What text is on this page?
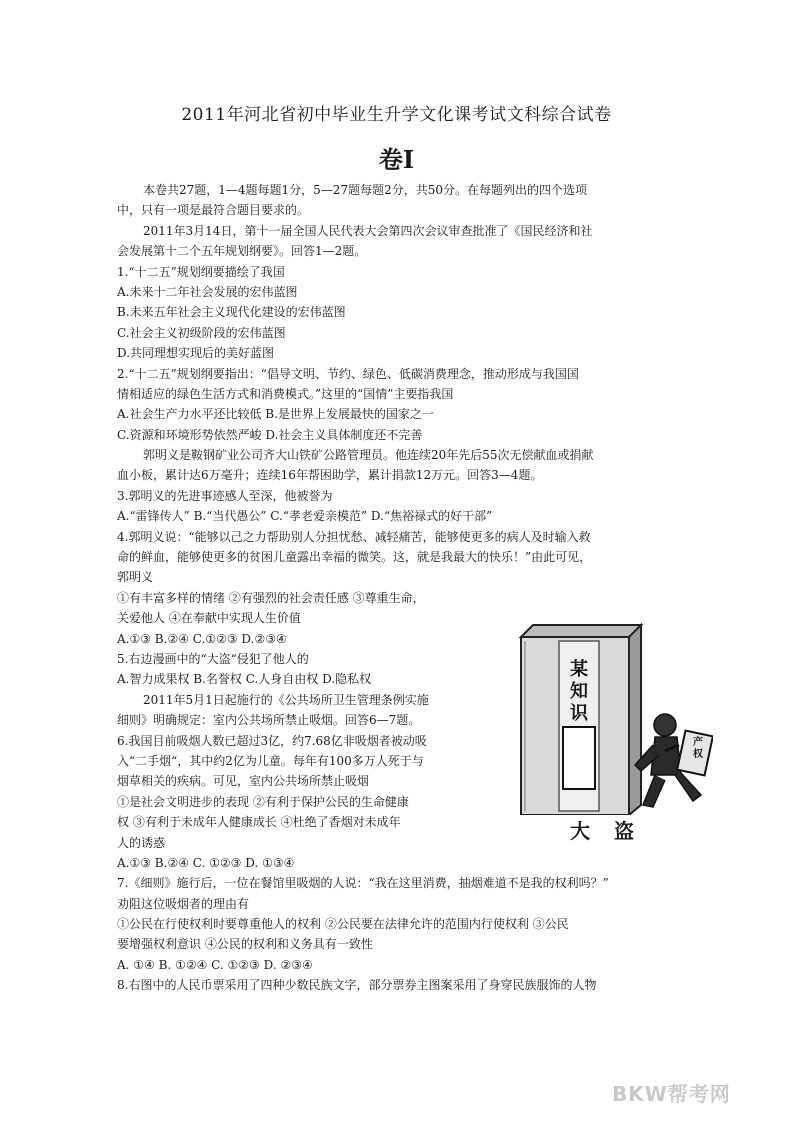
2011年河北省初中毕业生升学文化课考试文科综合试卷
卷Ⅰ
本卷共27题，1—4题每题1分，5—27题每题2分，共50分。在每题列出的四个选项
中，只有一项是最符合题目要求的。
2011年3月14日，第十一届全国人民代表大会第四次会议审查批准了《国民经济和社
会发展第十二个五年规划纲要》。回答1—2题。
1.“十二五”规划纲要描绘了我国
A.未来十二年社会发展的宏伟蓝图
B.未来五年社会主义现代化建设的宏伟蓝图
C.社会主义初级阶段的宏伟蓝图
D.共同理想实现后的美好蓝图
2.“十二五”规划纲要指出：“倡导文明、节约、绿色、低碳消费理念，推动形成与我国国
情相适应的绿色生活方式和消费模式。”这里的“国情”主要指我国
A.社会生产力水平还比较低 B.是世界上发展最快的国家之一
C.资源和环境形势依然严峻 D.社会主义具体制度还不完善
郭明义是鞍钢矿业公司齐大山铁矿公路管理员。他连续20年先后55次无偿献血或捐献
血小板，累计达6万毫升；连续16年帮困助学，累计捐款12万元。回答3—4题。
3.郭明义的先进事迹感人至深，他被誉为
A.“雷锋传人” B.“当代愚公” C.“孝老爱亲模范” D.“焦裕禄式的好干部”
4.郭明义说：“能够以己之力帮助别人分担忧愁、减轻痛苦，能够使更多的病人及时输入救
命的鲜血，能够使更多的贫困儿童露出幸福的微笑。这，就是我最大的快乐！”由此可见，
郭明义
①有丰富多样的情绪 ②有强烈的社会责任感 ③尊重生命，
关爱他人 ④在奉献中实现人生价值
A.①③ B.②④ C.①②③ D.②③④
5.右边漫画中的“大盗“侵犯了他人的
A.智力成果权 B.名誉权 C.人身自由权 D.隐私权
2011年5月1日起施行的《公共场所卫生管理条例实施
细则》明确规定：室内公共场所禁止吸烟。回答6—7题。
6.我国目前吸烟人数已超过3亿，约7.68亿非吸烟者被动吸
入“二手烟“，其中约2亿为儿童。每年有100多万人死于与
烟草相关的疾病。可见，室内公共场所禁止吸烟
①是社会文明进步的表现 ②有利于保护公民的生命健康
权 ③有利于未成年人健康成长 ④杜绝了香烟对未成年
人的诱惑
A.①③ B.②④ C. ①②③ D. ①③④
7.《细则》施行后，一位在餐馆里吸烟的人说：“我在这里消费，抽烟难道不是我的权利吗？”
劝阻这位吸烟者的理由有
①公民在行使权利时要尊重他人的权利 ②公民要在法律允许的范围内行使权利 ③公民
要增强权利意识 ④公民的权利和义务具有一致性
A. ①④ B. ①②④ C. ①②③ D. ②③④
8.右图中的人民币票采用了四种少数民族文字，部分票券主图案采用了身穿民族服饰的人物
某
知
识
大盗
产
权
BKW帮考网
